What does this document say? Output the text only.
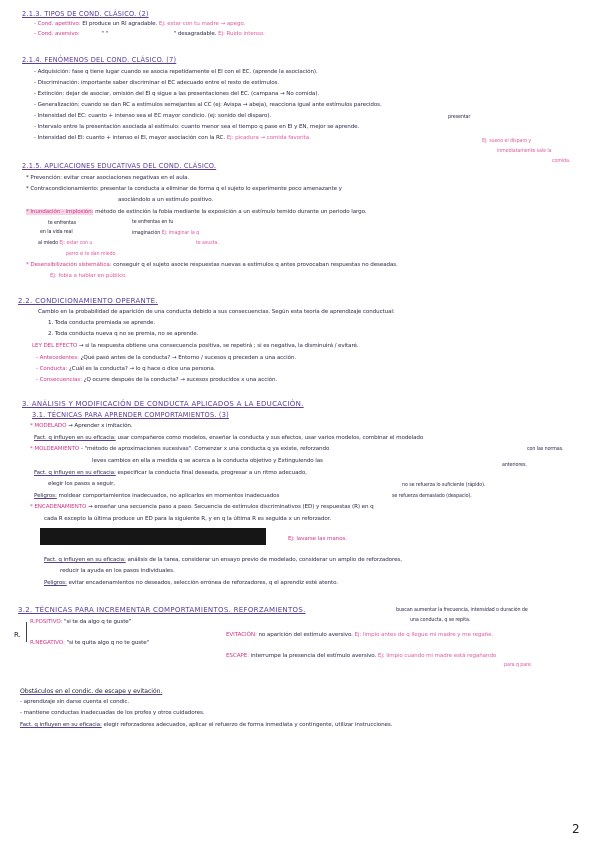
2.1.3. TIPOS DE COND. CLÁSICO. (2)
- Cond. apetitivo: EI produce un RI agradable. Ej: estar con tu madre → apego.
- Cond. aversivo:	" "	" desagradable. Ej: Ruido intenso.
2.1.4. FENÓMENOS DEL COND. CLÁSICO. (7)
- Adquisición: fase q tiene lugar cuando se asocia repetidamente el EI con el EC. (aprende la asociación).
- Discriminación: importante saber discriminar el EC adecuado entre el resto de estímulos.
- Extinción: dejar de asociar, omisión del EI q sigue a las presentaciones del EC. (campana → No comida).
- Generalización: cuando se dan RC a estímulos semejantes al CC (ej: Avispa → abeja), reacciona igual ante estímulos parecidos.
- Intensidad del EC: cuanto + intenso sea el EC mayor condicio. (ej: sonido del disparo).	presentar
- Intervalo entre la presentación asociada al estímulo: cuanto menor sea el tiempo q pase en EI y EN, mejor se aprende.
- Intensidad del EI: cuanto + intenso el EI, mayor asociación con la RC. Ej: picadura → comida favorita.
Ej: sueno el disparo y
inmediatamente sale la
comida.
2.1.5. APLICACIONES EDUCATIVAS DEL COND. CLÁSICO.
* Prevención: evitar crear asociaciones negativas en el aula.
* Contracondicionamiento: presentar la conducta a eliminar de forma q el sujeto lo experimente poco amenazante y
asociándolo a un estímulo positivo.
* Inundación - implosión: método de extinción la fobia mediante la exposición a un estímulo temido durante un periodo largo.
te enfrentas	te enfrentas en tu
en la vida real	imaginación Ej: imaginar la q
al miedo Ej: estar con u	te asusta.
perro si te dan miedo.
* Desensibilización sistemática: conseguir q el sujeto asocie respuestas nuevas a estímulos q antes provocaban respuestas no deseadas.
Ej: fobia a hablar en público.
2.2. CONDICIONAMIENTO OPERANTE.
Cambio en la probabilidad de aparición de una conducta debido a sus consecuencias. Según esta teoría de aprendizaje conductual:
1. Toda conducta premiada se aprende.
2. Toda conducta nueva q no se premia, no se aprende.
LEY DEL EFECTO → si la respuesta obtiene una consecuencia positiva, se repetirá ; si es negativa, la disminuirá / evitaré.
- Antecedentes: ¿Qué pasó antes de la conducta? → Entorno / sucesos q preceden a una acción.
- Conducta: ¿Cuál es la conducta? → lo q hace o dice una persona.
- Consecuencias: ¿Q ocurre después de la conducta? → sucesos producidos x una acción.
3. ANÁLISIS Y MODIFICACIÓN DE CONDUCTA APLICADOS A LA EDUCACIÓN.
3.1. TÉCNICAS PARA APRENDER COMPORTAMIENTOS. (3)
* MODELADO → Aprender x imitación.
Fact. q influyen en su eficacia: usar compañeros como modelos, enseñar la conducta y sus efectos, usar varios modelos, combinar el modelado
* MOLDEAMIENTO - "método de aproximaciones sucesivas". Comenzar x una conducta q ya existe, reforzando	con las normas.
leves cambios en ella a medida q se acerca a la conducta objetivo y Extinguiendo las
anteriores.
Fact. q influyen en su eficacia: especificar la conducta final deseada, progresar a un ritmo adecuado,
elegir los pasos a seguir,	no se refuerza lo suficiente (rápido).
Peligros: moldear comportamientos inadecuados, no aplicarlos en momentos inadecuados	se refuerza demasiado (despacio).
* ENCADENAMIENTO → enseñar una secuencia paso a paso. Secuencia de estímulos discriminativos (ED) y respuestas (R) en q
cada R excepto la última produce un ED para la siguiente R, y en q la última R es seguida x un reforzador.
Ej: lavarse las manos.
Fact. q influyen en su eficacia: análisis de la tarea, considerar un ensayo previo de modelado, considerar un amplio de reforzadores,
reducir la ayuda en los pasos individuales.
Peligros: evitar encadenamientos no deseados, selección errónea de reforzadores, q el aprendiz esté atento.
3.2. TÉCNICAS PARA INCREMENTAR COMPORTAMIENTOS. REFORZAMIENTOS.	buscan aumentar la frecuencia, intensidad o duración de
una conducta, q se repita.
R.
R.POSITIVO: "si te da algo q te guste"
R.NEGATIVO: "si te quita algo q no te guste"
EVITACIÓN: no aparición del estímulo aversivo. Ej: limpio antes de q llegue mi madre y me regañe.
ESCAPE: interrumpe la presencia del estímulo aversivo. Ej: limpio cuando mi madre está regañando
para q pare.
Obstáculos en el condic. de escape y evitación.
- aprendizaje sin darse cuenta el condic.
- mantiene conductas inadecuadas de los profes y otros cuidadores.
Fact. q influyen en su eficacia: elegir reforzadores adecuados, aplicar el refuerzo de forma inmediata y contingente, utilizar instrucciones.
2
